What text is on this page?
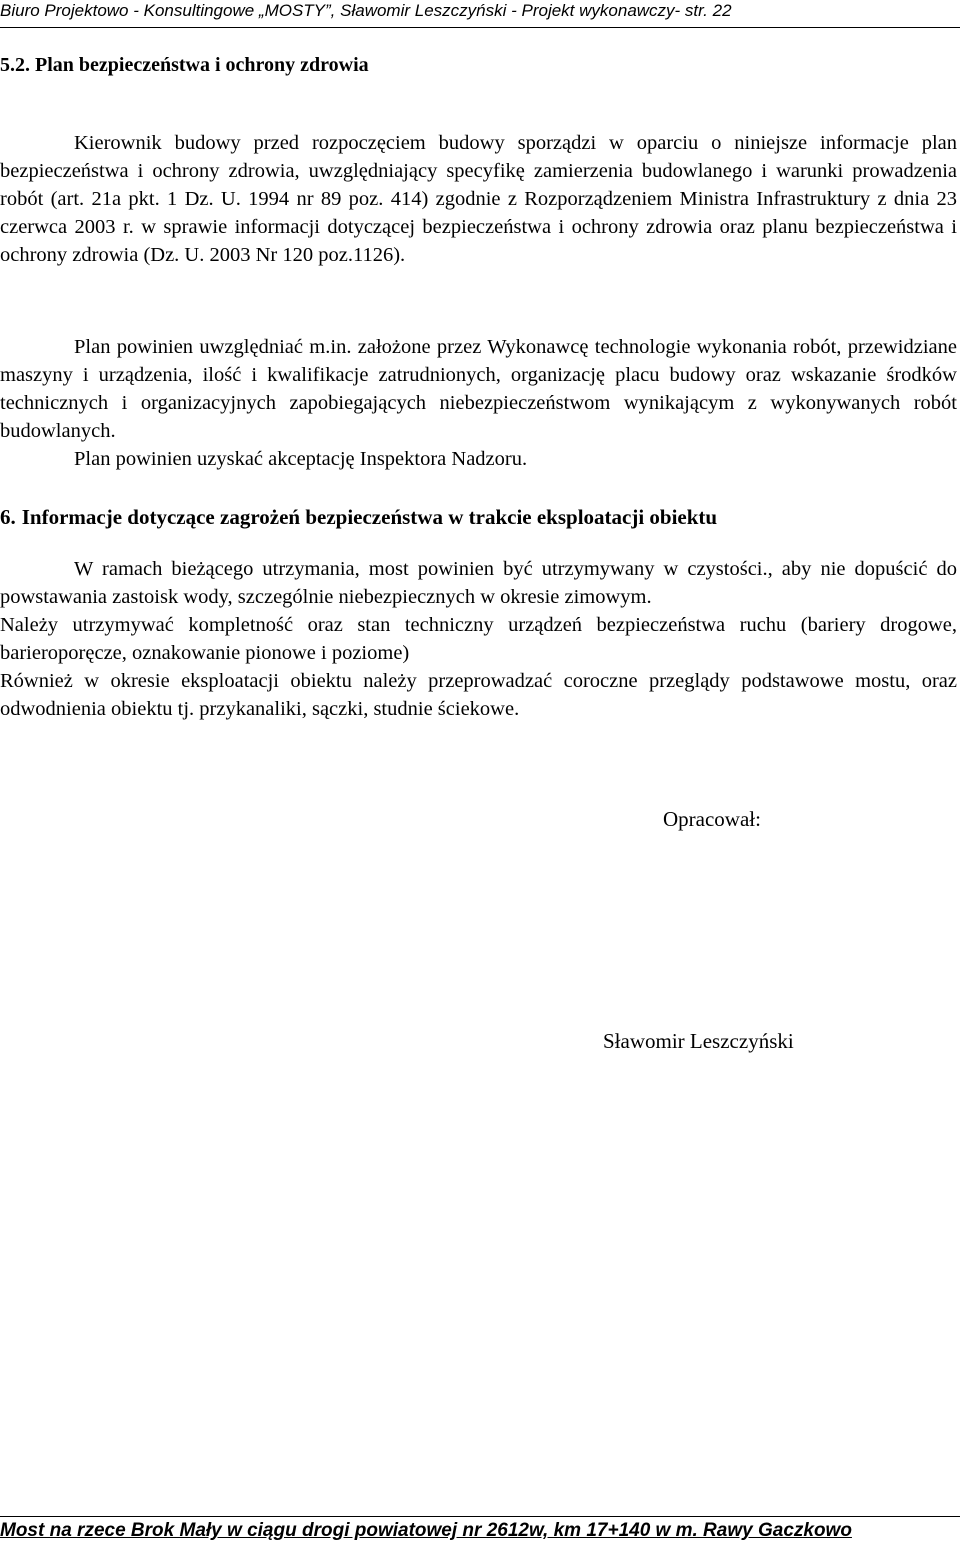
Biuro Projektowo - Konsultingowe „MOSTY”, Sławomir Leszczyński - Projekt wykonawczy- str. 22
5.2. Plan bezpieczeństwa i ochrony zdrowia

Kierownik budowy przed rozpoczęciem budowy sporządzi w oparciu o niniejsze informacje plan bezpieczeństwa i ochrony zdrowia, uwzględniający specyfikę zamierzenia budowlanego i warunki prowadzenia robót (art. 21a pkt. 1 Dz. U. 1994 nr 89 poz. 414) zgodnie z Rozporządzeniem Ministra Infrastruktury z dnia 23 czerwca 2003 r. w sprawie informacji dotyczącej bezpieczeństwa i ochrony zdrowia oraz planu bezpieczeństwa i ochrony zdrowia (Dz. U. 2003 Nr 120 poz.1126).

Plan powinien uwzględniać m.in. założone przez Wykonawcę technologie wykonania robót, przewidziane maszyny i urządzenia, ilość i kwalifikacje zatrudnionych, organizację placu budowy oraz wskazanie środków technicznych i organizacyjnych zapobiegających niebezpieczeństwom wynikającym z wykonywanych robót budowlanych.

Plan powinien uzyskać akceptację Inspektora Nadzoru.

6. Informacje dotyczące zagrożeń bezpieczeństwa w trakcie eksploatacji obiektu

W ramach bieżącego utrzymania, most powinien być utrzymywany w czystości., aby nie dopuścić do powstawania zastoisk wody, szczególnie niebezpiecznych w okresie zimowym.

Należy utrzymywać kompletność oraz stan techniczny urządzeń bezpieczeństwa ruchu (bariery drogowe, barieroporęcze, oznakowanie pionowe i poziome)

Również w okresie eksploatacji obiektu należy przeprowadzać coroczne przeglądy podstawowe mostu, oraz odwodnienia obiektu tj. przykanaliki, sączki, studnie ściekowe.

Opracował:
Sławomir Leszczyński
Most na rzece Brok Mały w ciągu drogi powiatowej nr 2612w, km 17+140 w m. Rawy Gaczkowo
